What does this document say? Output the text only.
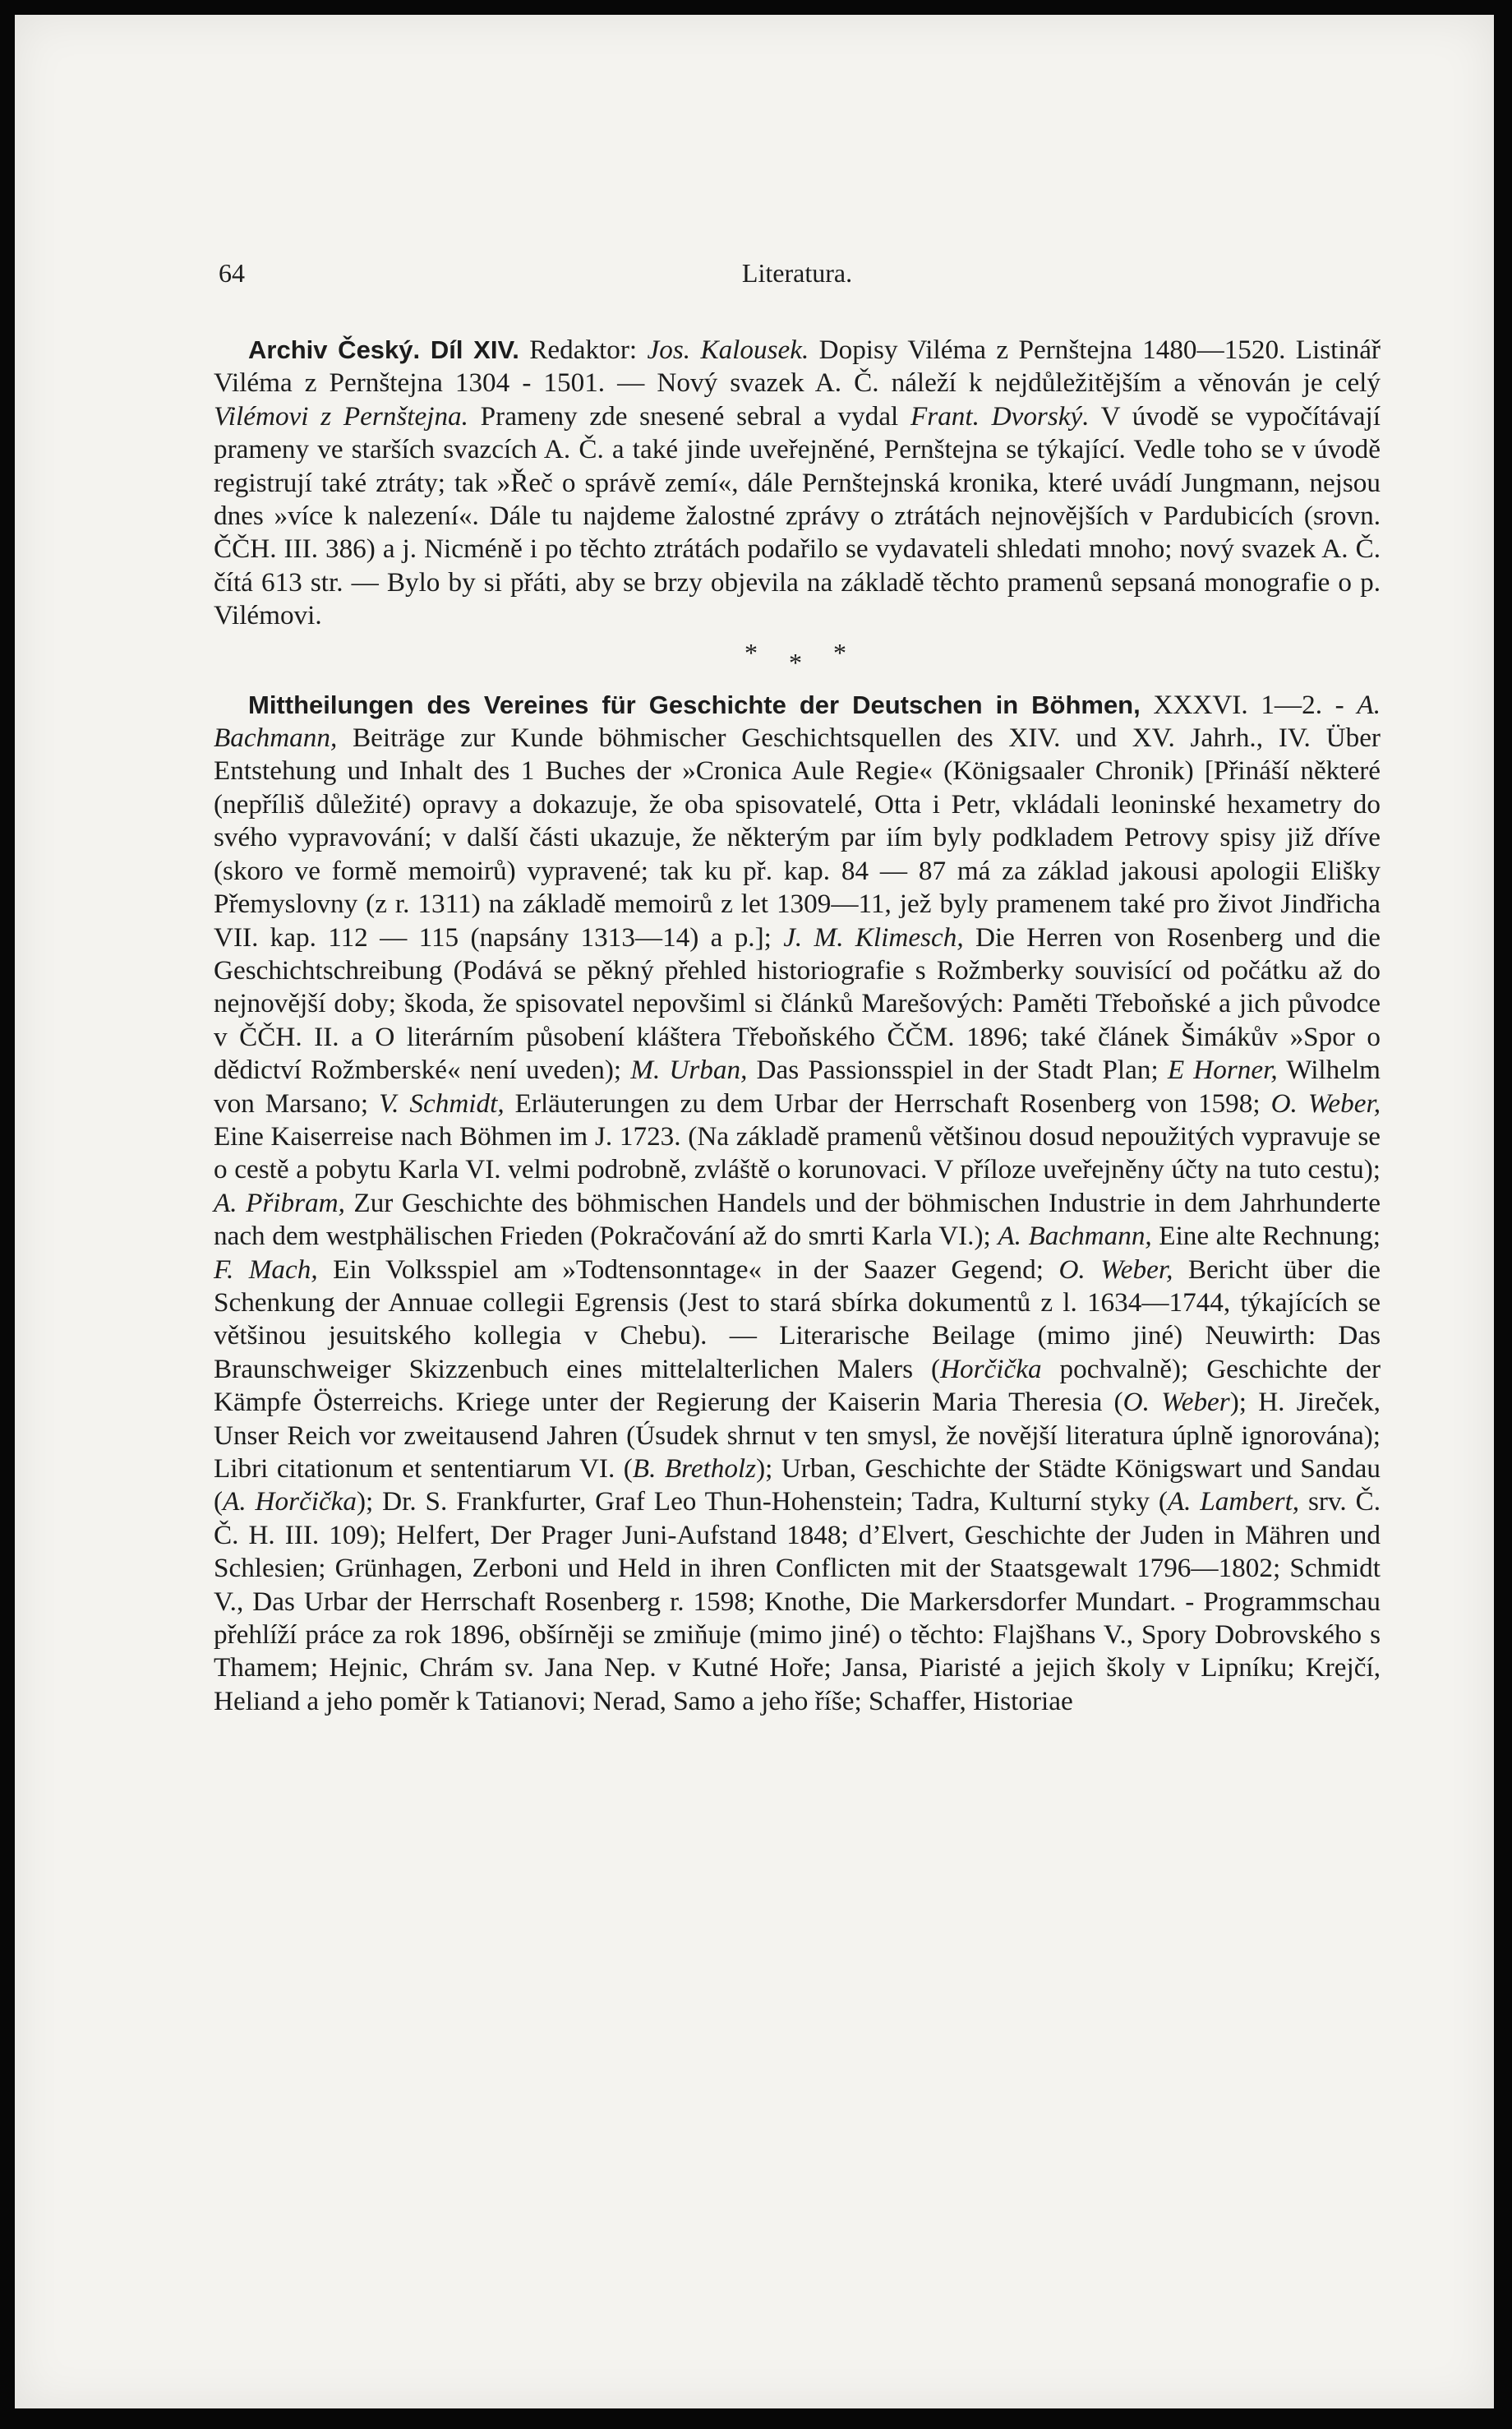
64	Literatura.

Archiv Český. Díl XIV. Redaktor: Jos. Kalousek. Dopisy Viléma z Pernštejna 1480—1520. Listinář Viléma z Pernštejna 1304 - 1501. — Nový svazek A. Č. náleží k nejdůležitějším a věnován je celý Vilémovi z Pernštejna. Prameny zde snesené sebral a vydal Frant. Dvorský. V úvodě se vypočítávají prameny ve starších svazcích A. Č. a také jinde uveřejněné, Pernštejna se týkající. Vedle toho se v úvodě registrují také ztráty; tak »Řeč o správě zemí«, dále Pernštejnská kronika, které uvádí Jungmann, nejsou dnes »více k nalezení«. Dále tu najdeme žalostné zprávy o ztrátách nejnovějších v Pardubicích (srovn. ČČH. III. 386) a j. Nicméně i po těchto ztrátách podařilo se vydavateli shledati mnoho; nový svazek A. Č. čítá 613 str. — Bylo by si přáti, aby se brzy objevila na základě těchto pramenů sepsaná monografie o p. Vilémovi.

* * *

Mittheilungen des Vereines für Geschichte der Deutschen in Böhmen, XXXVI. 1—2. - A. Bachmann, Beiträge zur Kunde böhmischer Geschichtsquellen des XIV. und XV. Jahrh., IV. Über Entstehung und Inhalt des 1 Buches der »Cronica Aule Regie« (Königsaaler Chronik) [Přináší některé (nepříliš důležité) opravy a dokazuje, že oba spisovatelé, Otta i Petr, vkládali leoninské hexametry do svého vypravování; v další části ukazuje, že některým par iím byly podkladem Petrovy spisy již dříve (skoro ve formě memoirů) vypravené; tak ku př. kap. 84 — 87 má za základ jakousi apologii Elišky Přemyslovny (z r. 1311) na základě memoirů z let 1309—11, jež byly pramenem také pro život Jindřicha VII. kap. 112 — 115 (napsány 1313—14) a p.]; J. M. Klimesch, Die Herren von Rosenberg und die Geschichtschreibung (Podává se pěkný přehled historiografie s Rožmberky souvisící od počátku až do nejnovější doby; škoda, že spisovatel nepovšiml si článků Marešových: Paměti Třeboňské a jich původce v ČČH. II. a O literárním působení kláštera Třeboňského ČČM. 1896; také článek Šimákův »Spor o dědictví Rožmberské« není uveden); M. Urban, Das Passionsspiel in der Stadt Plan; E Horner, Wilhelm von Marsano; V. Schmidt, Erläuterungen zu dem Urbar der Herrschaft Rosenberg von 1598; O. Weber, Eine Kaiserreise nach Böhmen im J. 1723. (Na základě pramenů většinou dosud nepoužitých vypravuje se o cestě a pobytu Karla VI. velmi podrobně, zvláště o korunovaci. V příloze uveřejněny účty na tuto cestu); A. Přibram, Zur Geschichte des böhmischen Handels und der böhmischen Industrie in dem Jahrhunderte nach dem westphälischen Frieden (Pokračování až do smrti Karla VI.); A. Bachmann, Eine alte Rechnung; F. Mach, Ein Volksspiel am »Todtensonntage« in der Saazer Gegend; O. Weber, Bericht über die Schenkung der Annuae collegii Egrensis (Jest to stará sbírka dokumentů z l. 1634—1744, týkajících se většinou jesuitského kollegia v Chebu). — Literarische Beilage (mimo jiné) Neuwirth: Das Braunschweiger Skizzenbuch eines mittelalterlichen Malers (Horčička pochvalně); Geschichte der Kämpfe Österreichs. Kriege unter der Regierung der Kaiserin Maria Theresia (O. Weber); H. Jireček, Unser Reich vor zweitausend Jahren (Úsudek shrnut v ten smysl, že novější literatura úplně ignorována); Libri citationum et sententiarum VI. (B. Bretholz); Urban, Geschichte der Städte Königswart und Sandau (A. Horčička); Dr. S. Frankfurter, Graf Leo Thun-Hohenstein; Tadra, Kulturní styky (A. Lambert, srv. Č. Č. H. III. 109); Helfert, Der Prager Juni-Aufstand 1848; d’Elvert, Geschichte der Juden in Mähren und Schlesien; Grünhagen, Zerboni und Held in ihren Conflicten mit der Staatsgewalt 1796—1802; Schmidt V., Das Urbar der Herrschaft Rosenberg r. 1598; Knothe, Die Markersdorfer Mundart. - Programmschau přehlíží práce za rok 1896, obšírněji se zmiňuje (mimo jiné) o těchto: Flajšhans V., Spory Dobrovského s Thamem; Hejnic, Chrám sv. Jana Nep. v Kutné Hoře; Jansa, Piaristé a jejich školy v Lipníku; Krejčí, Heliand a jeho poměr k Tatianovi; Nerad, Samo a jeho říše; Schaffer, Historiae
